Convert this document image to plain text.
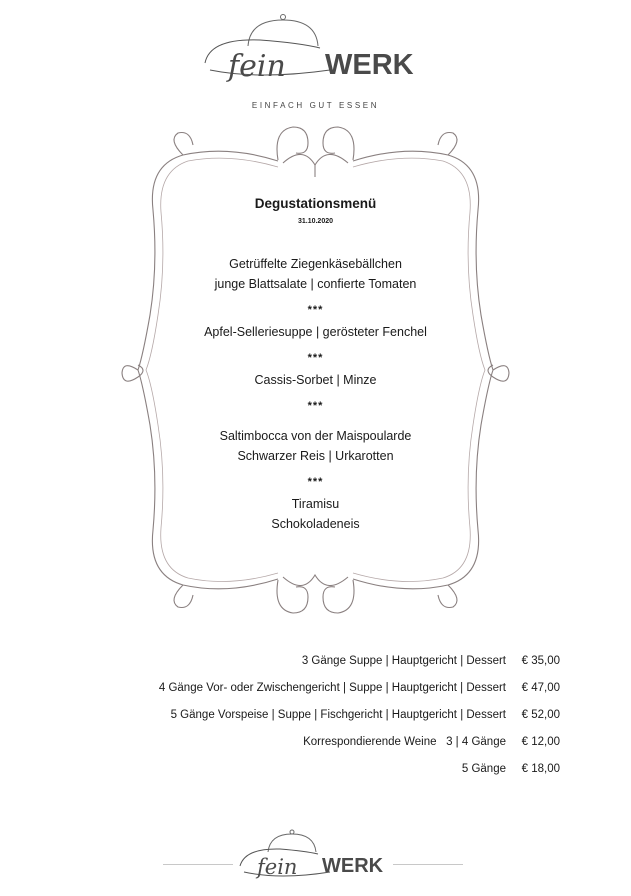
fein WERK
EINFACH GUT ESSEN
Degustationsmenü
31.10.2020
Getrüffelte Ziegenkäsebällchen
junge Blattsalate | confierte Tomaten
***
Apfel-Selleriesuppe | gerösteter Fenchel
***
Cassis-Sorbet | Minze
***
Saltimbocca von der Maispoularde
Schwarzer Reis | Urkarotten
***
Tiramisu
Schokoladeneis
3 Gänge Suppe | Hauptgericht | Dessert € 35,00
4 Gänge Vor- oder Zwischengericht | Suppe | Hauptgericht | Dessert € 47,00
5 Gänge Vorspeise | Suppe | Fischgericht | Hauptgericht | Dessert € 52,00
Korrespondierende Weine   3 | 4 Gänge € 12,00
5 Gänge € 18,00
fein WERK
